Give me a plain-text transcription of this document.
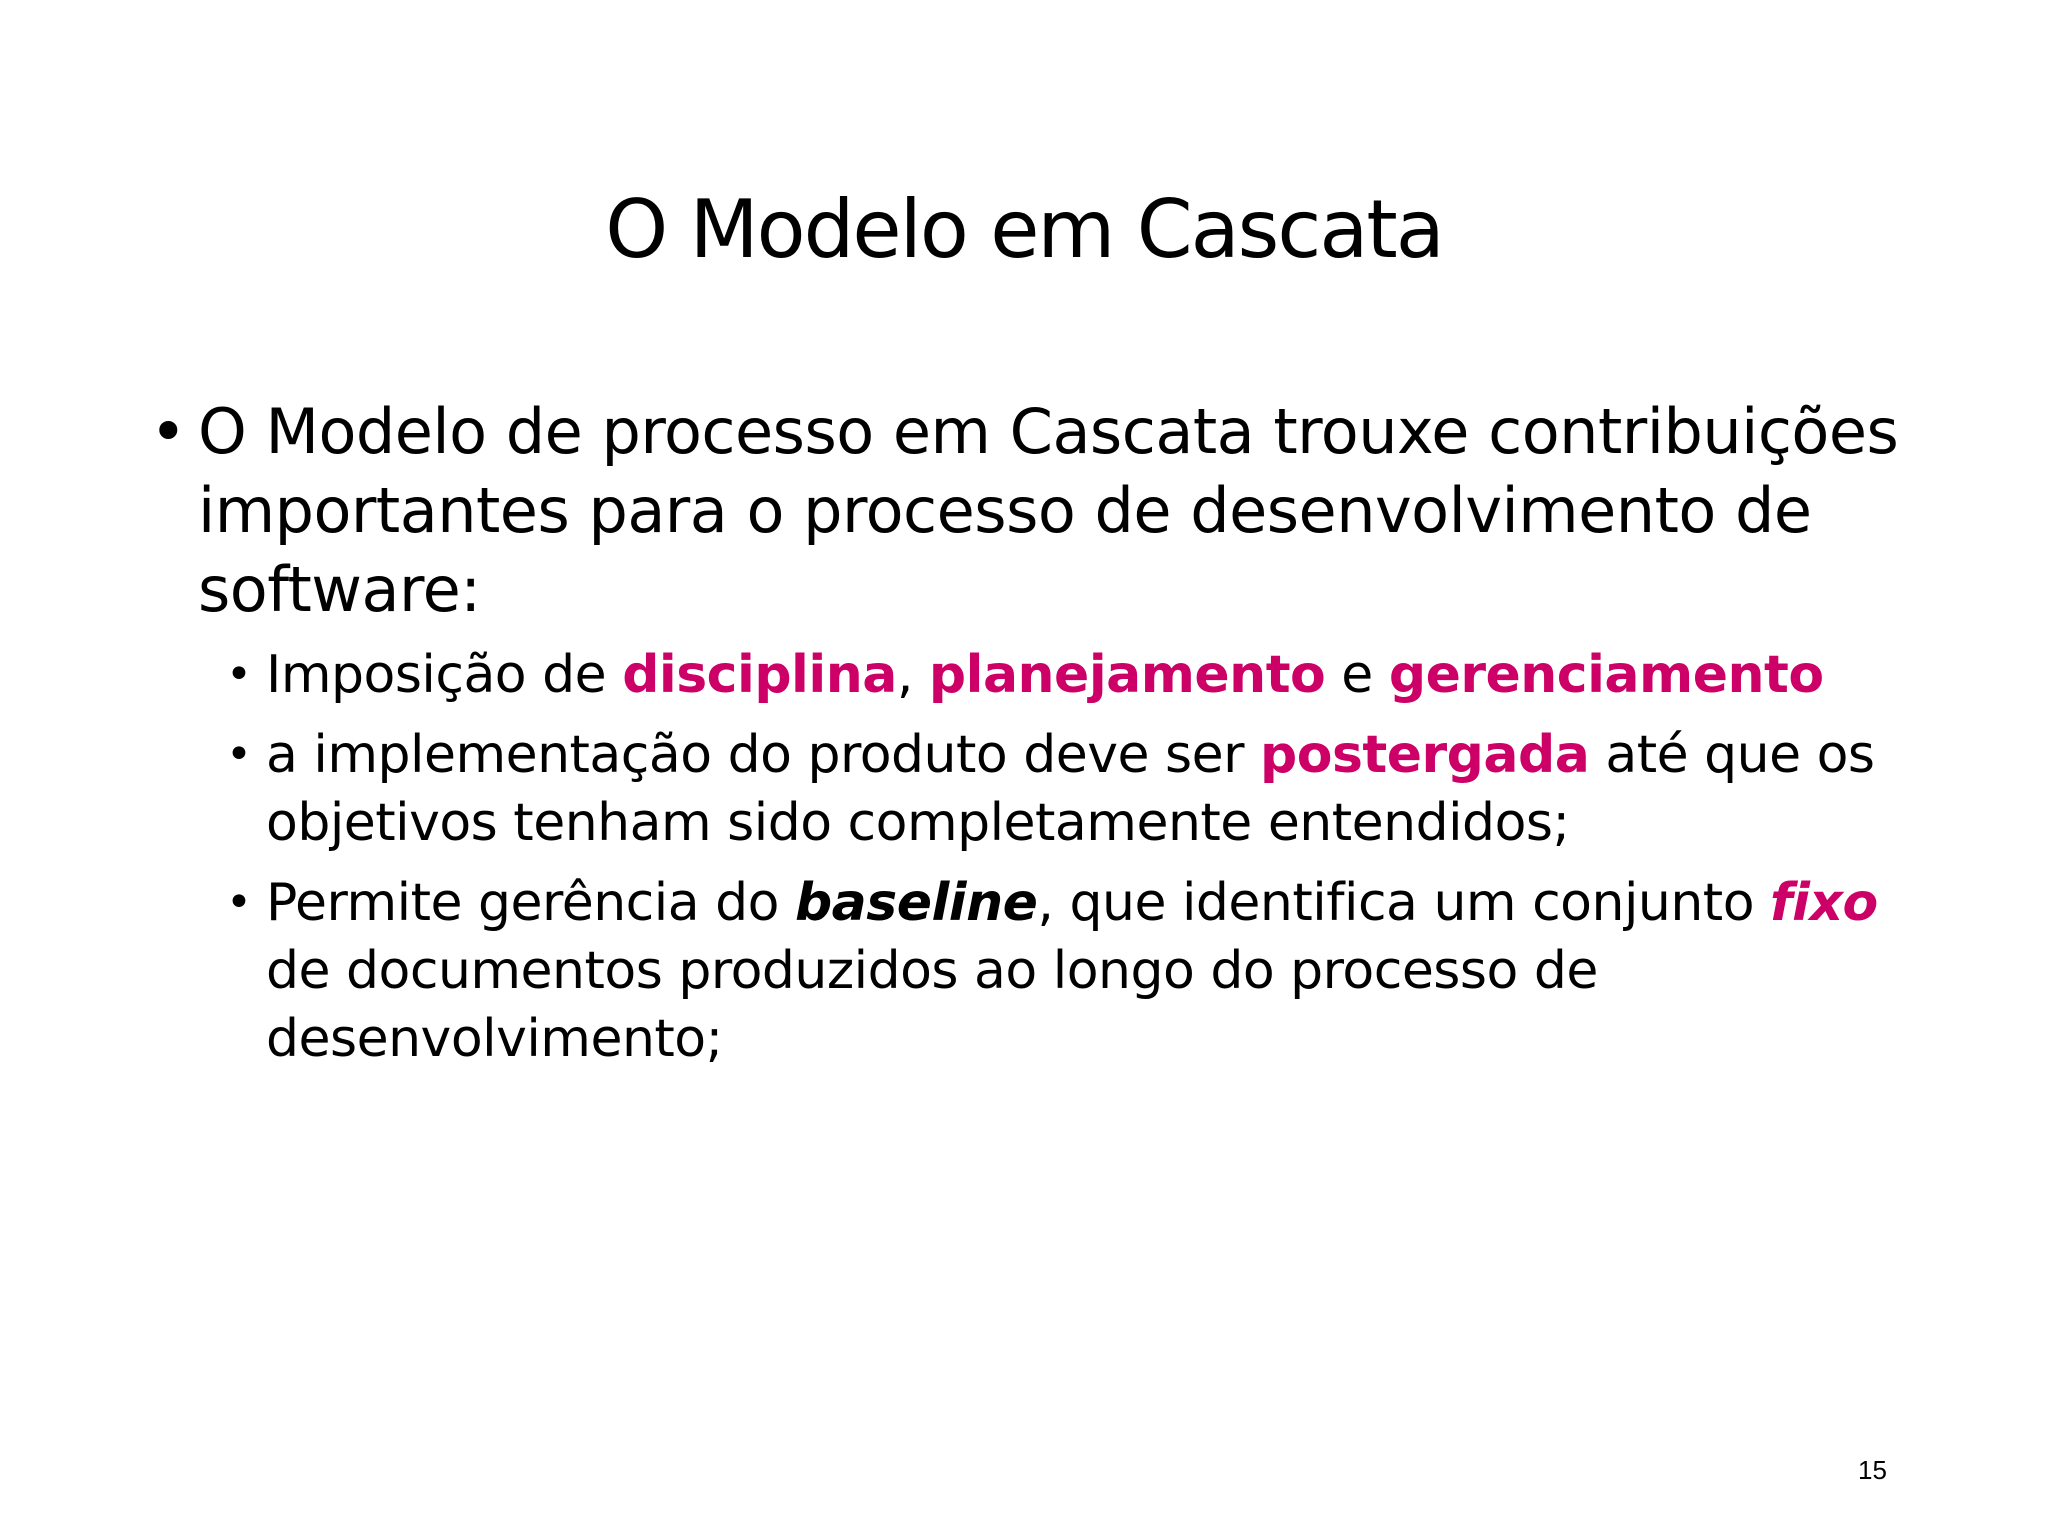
O Modelo em Cascata
• O Modelo de processo em Cascata trouxe contribuições importantes para o processo de desenvolvimento de software:
• Imposição de disciplina, planejamento e gerenciamento
• a implementação do produto deve ser postergada até que os objetivos tenham sido completamente entendidos;
• Permite gerência do baseline, que identifica um conjunto fixo de documentos produzidos ao longo do processo de desenvolvimento;
15
